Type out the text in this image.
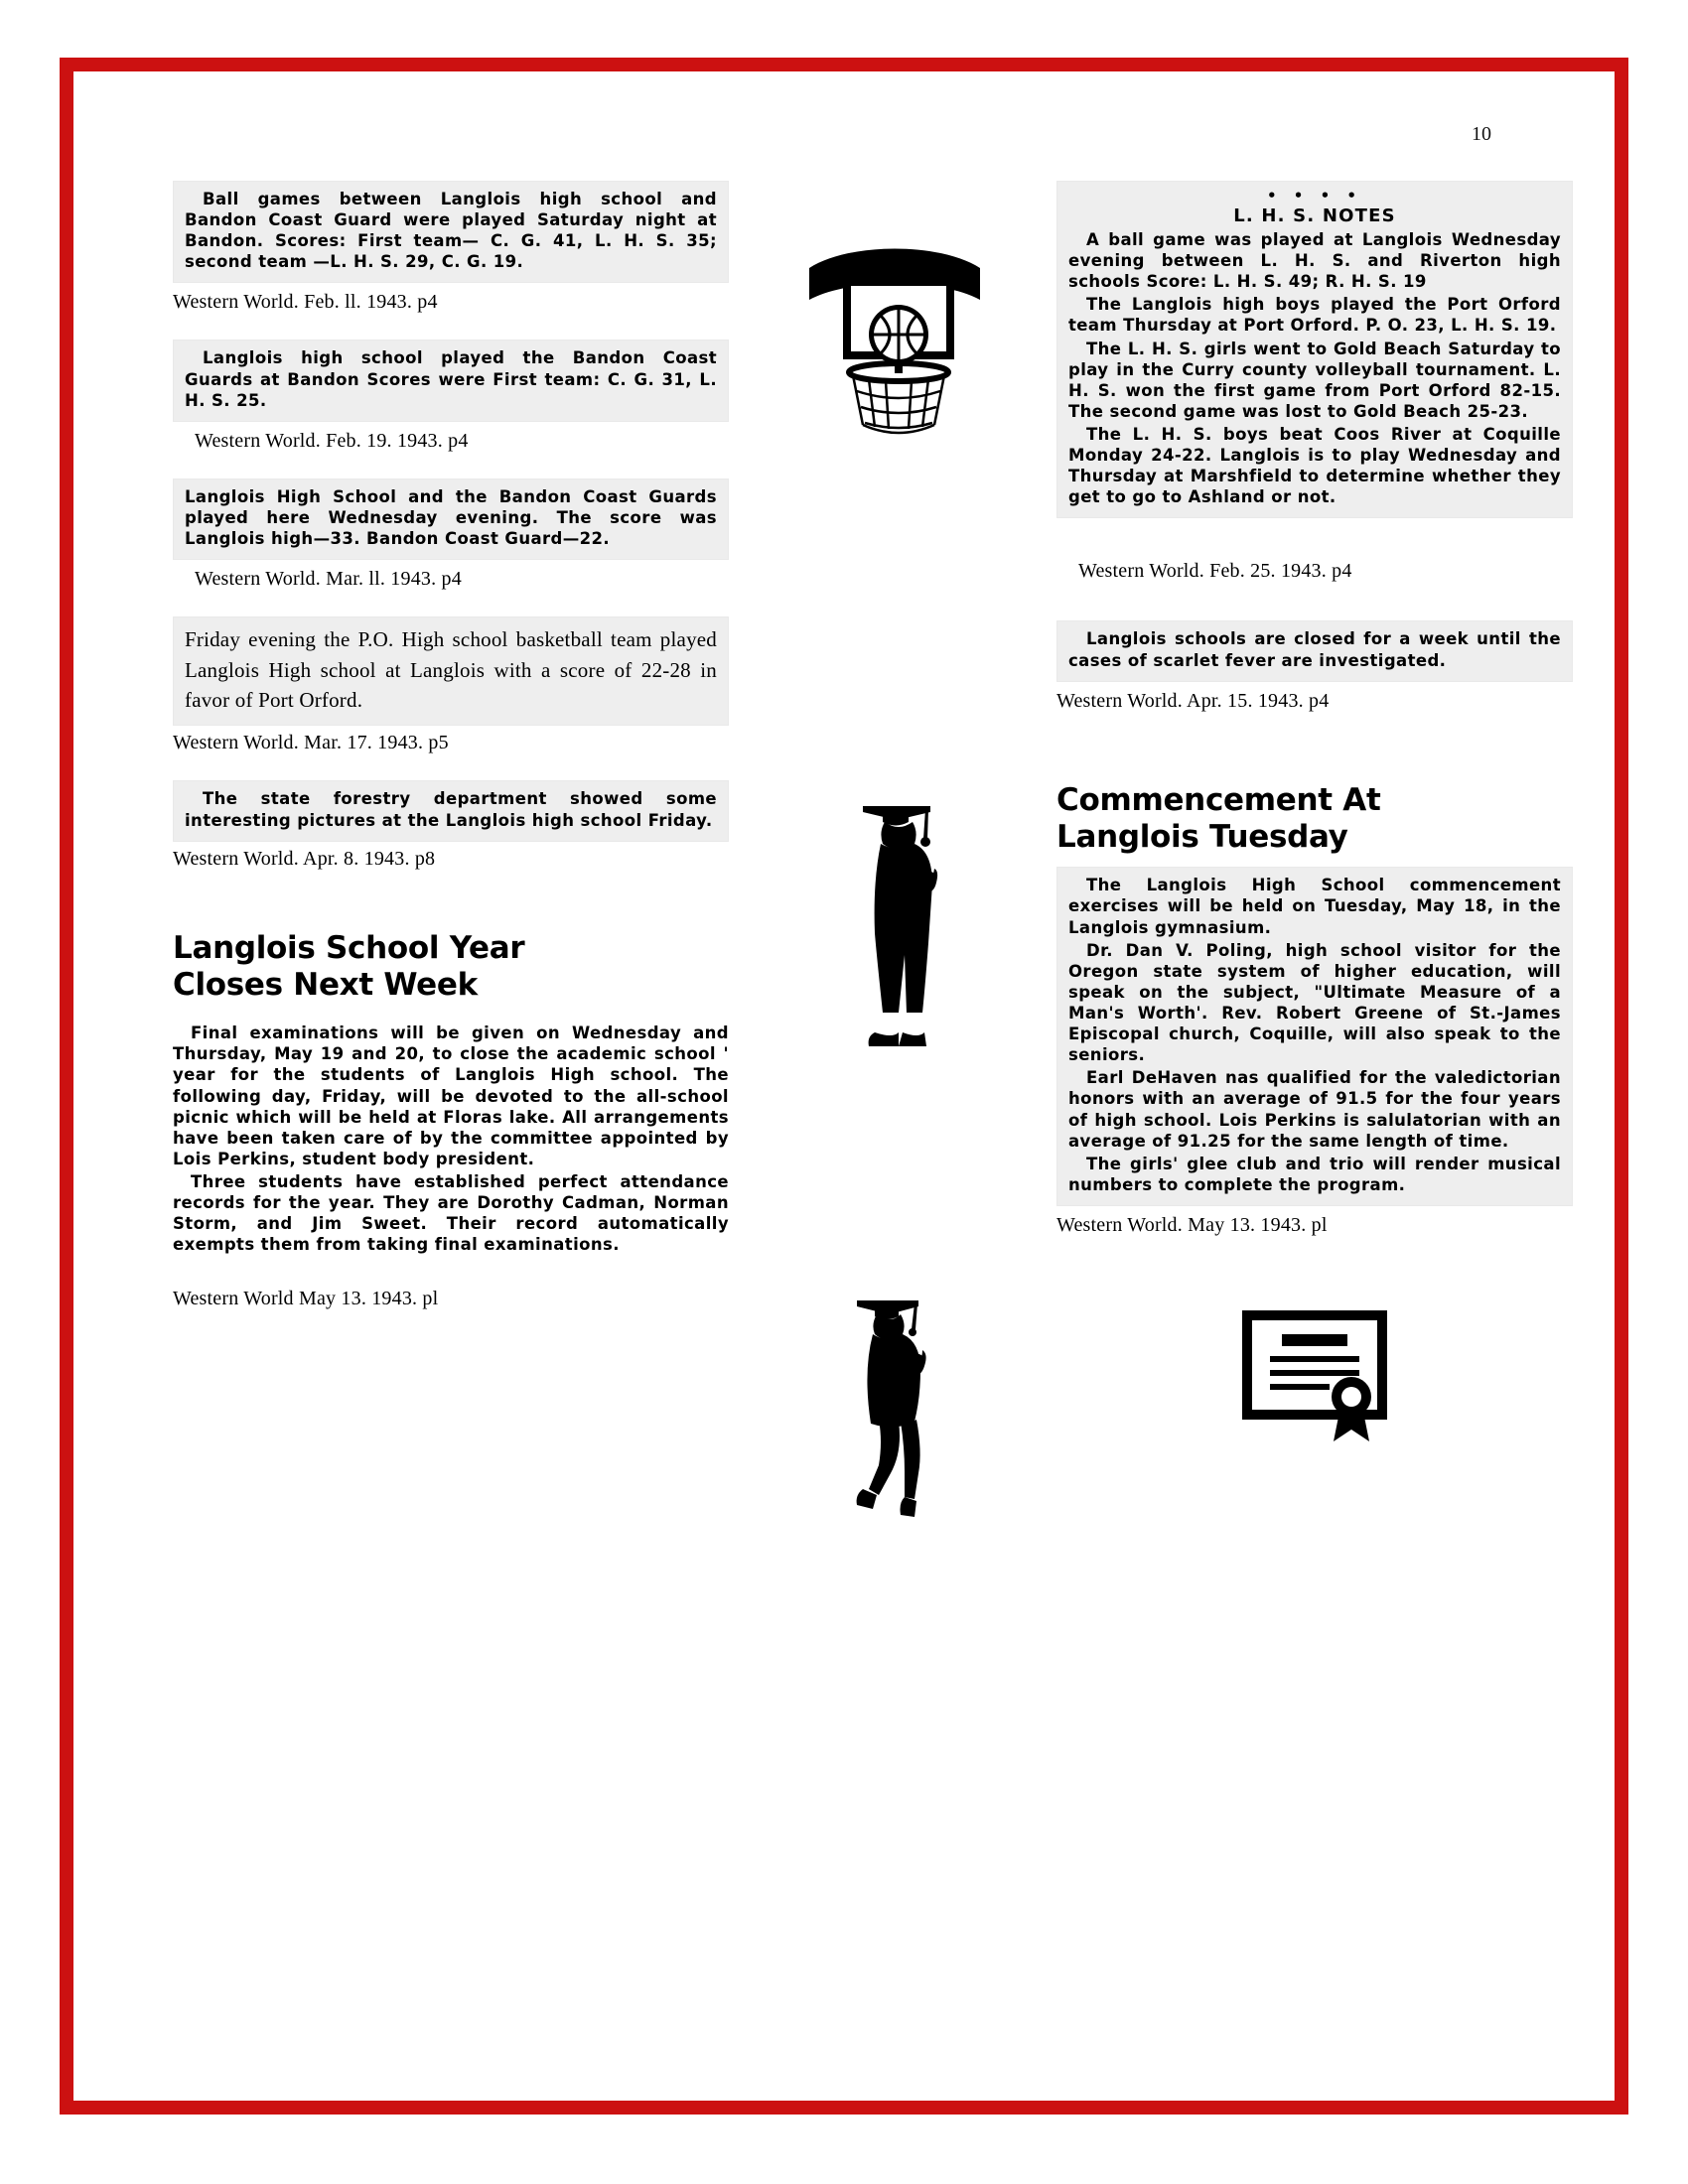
10

Ball games between Langlois high school and Bandon Coast Guard were played Saturday night at Bandon. Scores: First team— C. G. 41, L. H. S. 35; second team —L. H. S. 29, C. G. 19.

Western World. Feb. ll. 1943. p4

Langlois high school played the Bandon Coast Guards at Bandon Scores were First team: C. G. 31, L. H. S. 25.

Western World. Feb. 19. 1943. p4

Langlois High School and the Bandon Coast Guards played here Wednesday evening. The score was Langlois high—33. Bandon Coast Guard—22.

Western World. Mar. ll. 1943. p4

Friday evening the P.O. High school basketball team played Langlois High school at Langlois with a score of 22-28 in favor of Port Orford.

Western World. Mar. 17. 1943. p5

The state forestry department showed some interesting pictures at the Langlois high school Friday.

Western World. Apr. 8. 1943. p8
Langlois School Year
Closes Next Week

Final examinations will be given on Wednesday and Thursday, May 19 and 20, to close the academic school ' year for the students of Langlois High school. The following day, Friday, will be devoted to the all-school picnic which will be held at Floras lake. All arrangements have been taken care of by the committee appointed by Lois Perkins, student body president.

Three students have established perfect attendance records for the year. They are Dorothy Cadman, Norman Storm, and Jim Sweet. Their record automatically exempts them from taking final examinations.

Western World May 13. 1943. pl
• • • •
L. H. S. NOTES

A ball game was played at Langlois Wednesday evening between L. H. S. and Riverton high schools Score: L. H. S. 49; R. H. S. 19

The Langlois high boys played the Port Orford team Thursday at Port Orford. P. O. 23, L. H. S. 19.

The L. H. S. girls went to Gold Beach Saturday to play in the Curry county volleyball tournament. L. H. S. won the first game from Port Orford 82-15. The second game was lost to Gold Beach 25-23.

The L. H. S. boys beat Coos River at Coquille Monday 24-22. Langlois is to play Wednesday and Thursday at Marshfield to determine whether they get to go to Ashland or not.

Western World. Feb. 25. 1943. p4

Langlois schools are closed for a week until the cases of scarlet fever are investigated.

Western World. Apr. 15. 1943. p4
Commencement At
Langlois Tuesday

The Langlois High School commencement exercises will be held on Tuesday, May 18, in the Langlois gymnasium.

Dr. Dan V. Poling, high school visitor for the Oregon state system of higher education, will speak on the subject, "Ultimate Measure of a Man's Worth'. Rev. Robert Greene of St.-James Episcopal church, Coquille, will also speak to the seniors.

Earl DeHaven nas qualified for the valedictorian honors with an average of 91.5 for the four years of high school. Lois Perkins is salulatorian with an average of 91.25 for the same length of time.

The girls' glee club and trio will render musical numbers to complete the program.

Western World. May 13. 1943. pl
